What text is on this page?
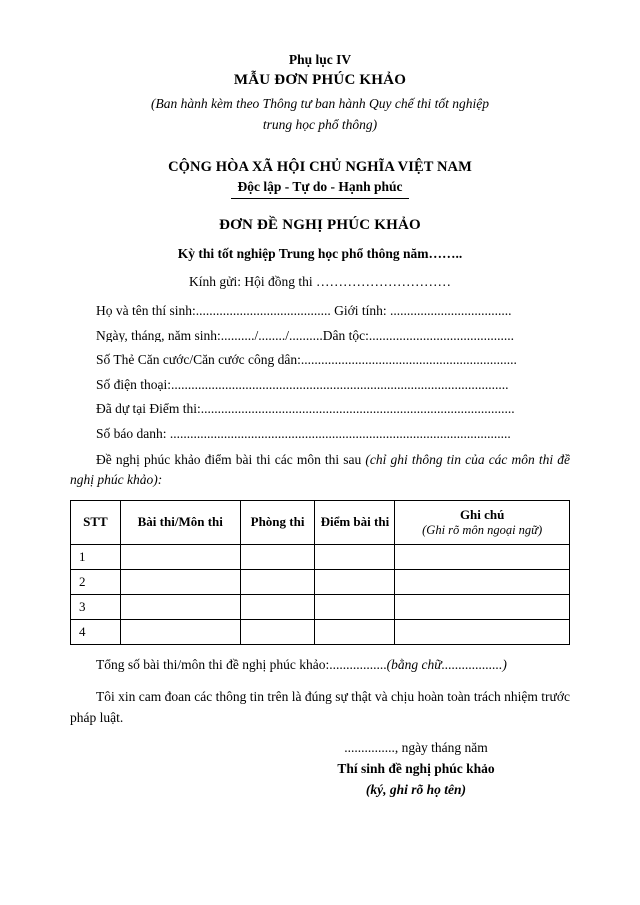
Phụ lục IV
MẪU ĐƠN PHÚC KHẢO
(Ban hành kèm theo Thông tư ban hành Quy chế thi tốt nghiệp
trung học phổ thông)
CỘNG HÒA XÃ HỘI CHỦ NGHĨA VIỆT NAM
Độc lập - Tự do - Hạnh phúc
ĐƠN ĐỀ NGHỊ PHÚC KHẢO
Kỳ thi tốt nghiệp Trung học phổ thông năm……..
Kính gửi: Hội đồng thi …………………………
Họ và tên thí sinh:........................................ Giới tính: ....................................
Ngày, tháng, năm sinh:........../......../..........Dân tộc:...........................................
Số Thẻ Căn cước/Căn cước công dân:................................................................
Số điện thoại:....................................................................................................
Đã dự tại Điểm thi:.............................................................................................
Số báo danh: .....................................................................................................
Đề nghị phúc khảo điểm bài thi các môn thi sau (chỉ ghi thông tin của các môn thi đề nghị phúc khảo):
STT	Bài thi/Môn thi	Phòng thi	Điểm bài thi	Ghi chú
(Ghi rõ môn ngoại ngữ)

1				
2				
3				
4				
Tổng số bài thi/môn thi đề nghị phúc khảo:.................(bằng chữ..................)
Tôi xin cam đoan các thông tin trên là đúng sự thật và chịu hoàn toàn trách nhiệm trước pháp luật.
..............., ngày tháng năm
Thí sinh đề nghị phúc khảo
(ký, ghi rõ họ tên)
